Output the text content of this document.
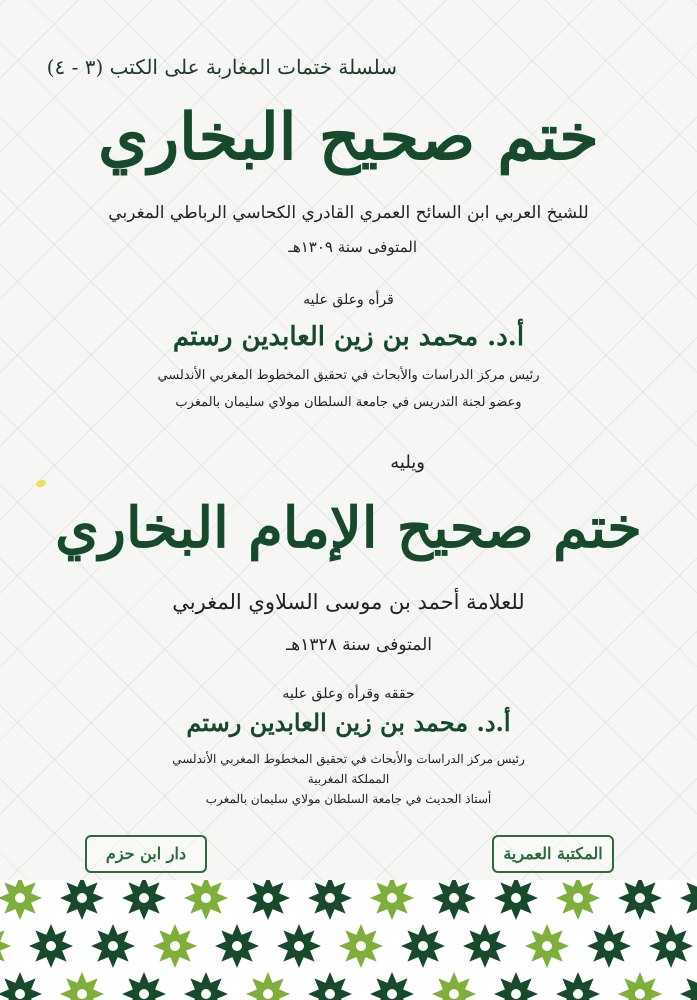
سلسلة ختمات المغاربة على الكتب (٣ - ٤)
ختم صحيح البخاري
للشيخ العربي ابن السائح العمري القادري الكحاسي الرباطي المغربي
المتوفى سنة ١٣٠٩هـ
قرأه وعلق عليه
أ.د. محمد بن زين العابدين رستم
رئيس مركز الدراسات والأبحاث في تحقيق المخطوط المغربي الأندلسي
وعضو لجنة التدريس في جامعة السلطان مولاي سليمان بالمغرب
ويليه
ختم صحيح الإمام البخاري
للعلامة أحمد بن موسى السلاوي المغربي
المتوفى سنة ١٣٢٨هـ
حققه وقرأه وعلق عليه
أ.د. محمد بن زين العابدين رستم
رئيس مركز الدراسات والأبحاث في تحقيق المخطوط المغربي الأندلسي
المملكة المغربية
أستاذ الحديث في جامعة السلطان مولاي سليمان بالمغرب
دار ابن حزم	المكتبة العمرية
